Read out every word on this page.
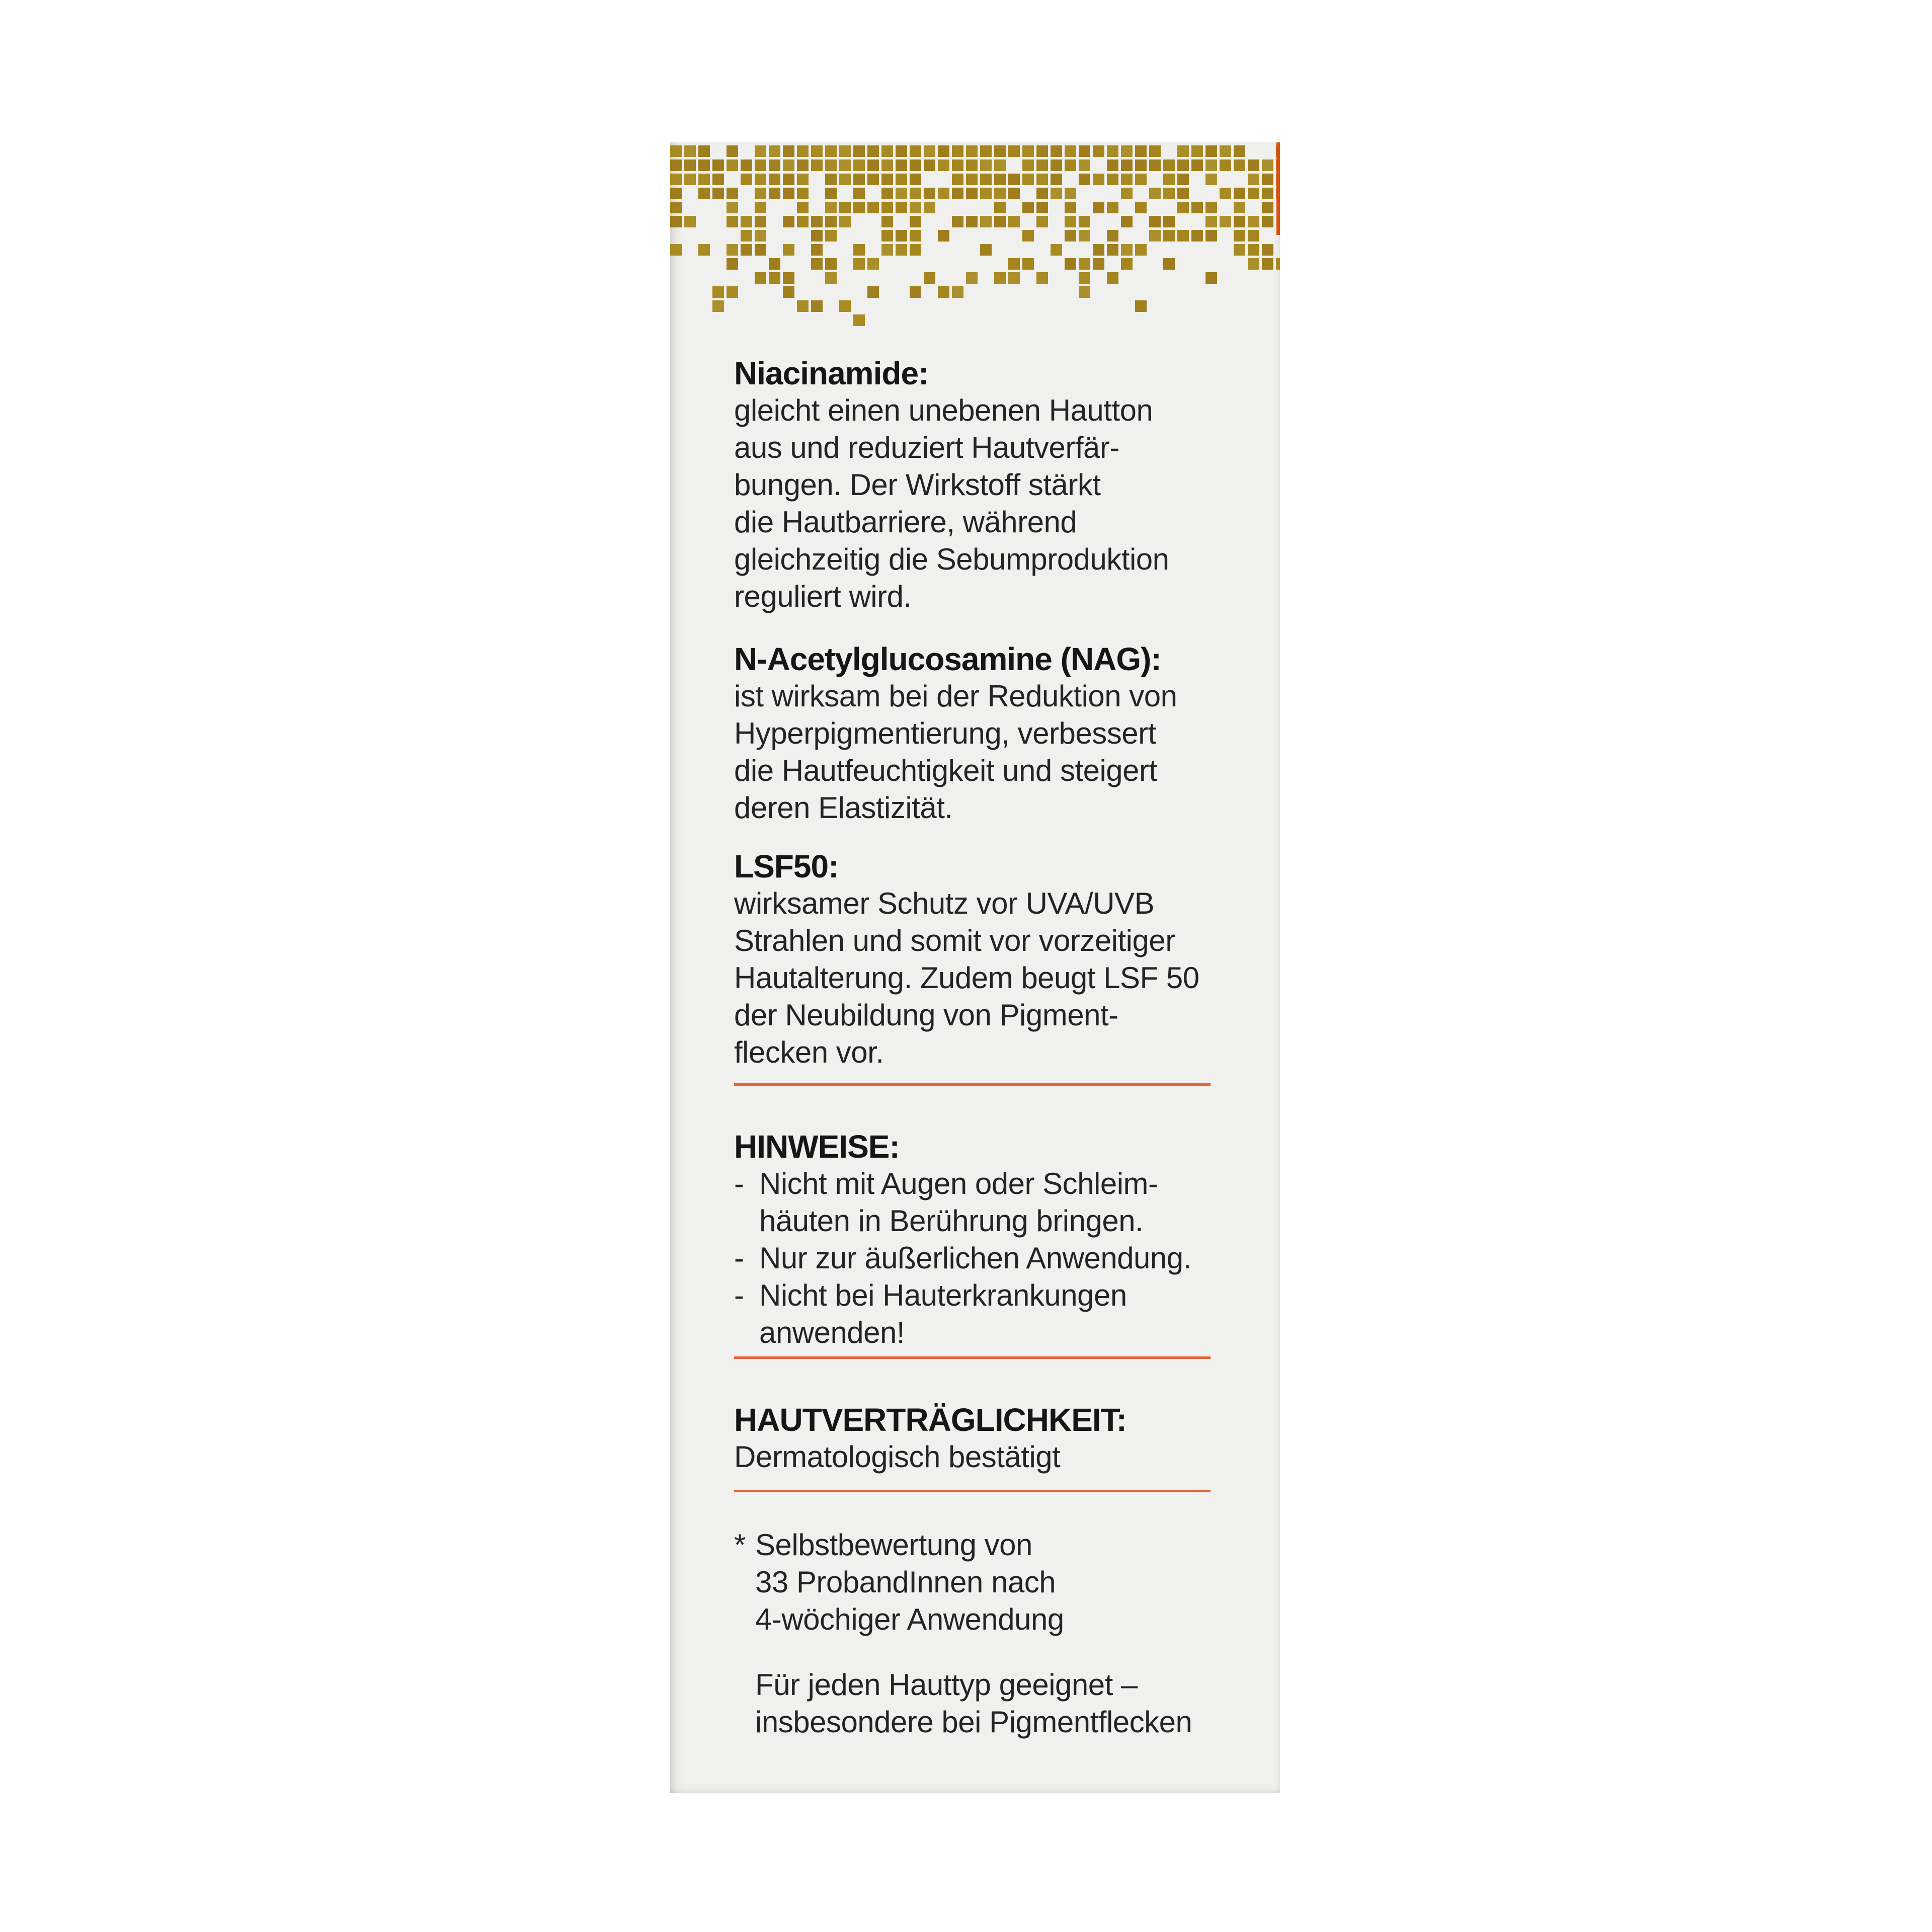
Niacinamide:
gleicht einen unebenen Hautton
aus und reduziert Hautverfär-
bungen. Der Wirkstoff stärkt
die Hautbarriere, während
gleichzeitig die Sebumproduktion
reguliert wird.
N-Acetylglucosamine (NAG):
ist wirksam bei der Reduktion von
Hyperpigmentierung, verbessert
die Hautfeuchtigkeit und steigert
deren Elastizität.
LSF50:
wirksamer Schutz vor UVA/UVB
Strahlen und somit vor vorzeitiger
Hautalterung. Zudem beugt LSF 50
der Neubildung von Pigment-
flecken vor.
HINWEISE:
- Nicht mit Augen oder Schleim-
häuten in Berührung bringen.
- Nur zur äußerlichen Anwendung.
- Nicht bei Hauterkrankungen
anwenden!
HAUTVERTRÄGLICHKEIT:
Dermatologisch bestätigt
* Selbstbewertung von
33 ProbandInnen nach
4-wöchiger Anwendung
Für jeden Hauttyp geeignet –
insbesondere bei Pigmentflecken
